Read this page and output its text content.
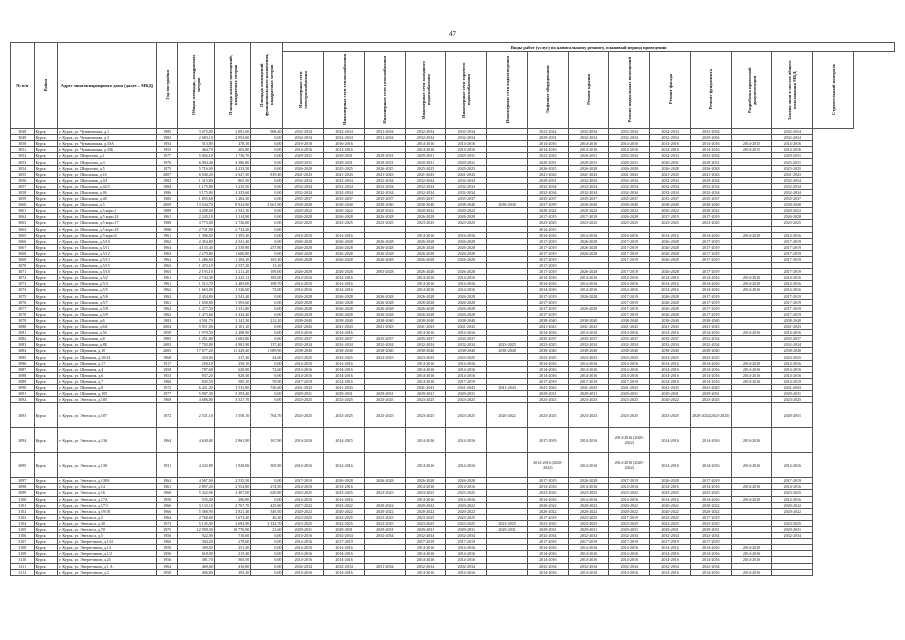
47
№ п/п	Район	Адрес многоквартирного дома (далее – МКД)	Год постройки	Общая площадь, квадратных метров	Площадь жилых помещений, квадратных метров	Площадь помещений функционального назначения, квадратных метров	Виды работ (услуг) по капитальному ремонту, плановый период проведения													
							Инженерные сети электроснабжения	Инженерные сети теплоснабжения	Инженерные сети газоснабжения	Инженерные сети холодного водоснабжения	Инженерные сети горячего водоснабжения	Инженерные сети водоотведения	Лифтовое оборудование	Ремонт крыши	Ремонт подвальных помещений	Ремонт фасада	Ремонт фундамента	Разработка проектной документации	Замена окон в местах общего пользования МКД	Строительный контроль
3048	Курск	г. Курск, ул. Чумаковская, д.1	1985	3 675,00	2 881,60	968,40	2032-2034	2032-2034	2031-2034	2032-2034	2032-2034		2022-2022	2032-2034	2032-2034	2032-2034	2032-2034		2032-2034	
3049	Курск	г. Курск, ул. Чумаковская, д.3	1982	2 683,10	2 952,60	0,00	2032-2034	2032-2034	2031-2034	2032-2034	2032-2034		2029-2031	2032-2034	2032-2034	2032-2034	2029-2034		2032-2034	
3050	Курск	г. Курск, ул. Чумаковская, д.33А	1954	513,80	478,10	0,00	2016-2018	2016-2016		2014-2016	2014-2016		2014-2016	2014-2016	2014-2016	2014-2016	2014-2016	2014-2015	2014-2016	
3051	Курск	г. Курск, ул. Чумаковская, д.35Б	1955	464,70	265,80	0,00	2014-2016	2014-2016		2014-2016	2014-2016		2014-2016	2014-2016	2014-2016	2014-2016	2014-2016	2014-2015	2014-2016	
3052	Курск	г. Курск, ул. Широгова, д.1	1977	5 002,10	1 736,70	0,00	2029-2031	2029-2031	2029-2031	2029-2031	2029-2031		2022-2023	2020-2031	2032-2034	2032-2034	2032-2034		2029-2031	
3053	Курск	г. Курск, ул. Широгова, д.3	1976	6 094,40	4 386,80	0,00	2029-2031	2029-2031	2029-2031	2020-2031	2020-2031		2020-2031	2020-2031	2020-2031	2020-2031	2020-2031		2025-2031	
3054	Курск	г. Курск, ул. Широгова, д.5	1975	5 716,00	4 233,50	0,00	2026-2028	2025-2025	2026-2025	2025-2025	2025-2025		2026-2025	2026-2028	2026-2028	2026-2028	2026-2028		2025-2025	
3055	Курск	г. Курск, ул. Школьная, д.16	2007	6 940,20	2 627,30	819,40	2041-2043	2041-2043	2041-2043	2041-2043	2041-2043		2041-2043	2041-2043	2041-2043	2041-2043	2041-2043		2041-2043	
3056	Курск	г. Курск, ул. Школьная, д.4/1	1982	1 315,80	865,50	0,00	2032-2034	2032-2034	2032-2034	2032-2034	2032-2034		2029-2031	2032-2034	2032-2034	2032-2034	2029-2034		2032-2034	
3057	Курск	г. Курск, ул. Школьная, д.44/3	1984	1 175,80	1 235,50	0,00	2032-2034	2032-2034	2032-2034	2032-2034	2032-2034		2032-2034	2032-2034	2032-2034	2032-2034	2032-2034		2032-2034	
3058	Курск	г. Курск, ул. Школьная, д.46	1986	3 175,00	2 335,60	0,00	2032-2034	2032-2034	2032-2034	2032-2034	2032-2034		2032-2034	2032-2034	2032-2034	2032-2034	2032-2034		2032-2034	
3059	Курск	г. Курск, ул. Школьная, д.48	1985	1 855,60	1 284,30	0,00	2035-2037	2035-2037	2035-2037	2035-2037	2035-2037		2035-2037	2035-2037	2035-2037	2035-2037	2035-2037		2035-2037	
3060	Курск	г. Курск, ул. Школьная, д.5	2009	13 944,70	8 924,90	2 661,90	2038-2040	2038-2040	2038-2040	2038-2040	2038-2040	2038-2040	2037-2039	2038-2040	2038-2040	2038-2040	2038-2040		2038-2040	
3061	Курск	г. Курск, ул. Школьная, д.5 корп.1	1989	4 208,00	2 541,10	0,00	2020-2022	2020-2022	2020-2022	2020-2022	2020-2022		2020-2022	2020-2022	2020-2022	2020-2022	2020-2022		2020-2022	
3062	Курск	г. Курск, ул. Школьная, д.5 корп.14	1961	2 245,10	1 114,90	0,00	2026-2028	2026-2028	2026-2028	2026-2028	2026-2028		2017-2019	2017-2019	2026-2028	2017-2019	2017-2019		2026-2028	
3063	Курск	г. Курск, ул. Школьная, д.5 корп.17	1988	3 773,00	2 736,00	0,00	2032-2025	2023-2025	2023-2025	2023-2025	2023-2025		2023-2025	2023-2025	2023-2025	2023-2025	2023-2025		2023-2025	
3064	Курск	г. Курск, ул. Школьная, д.5 корп.18	1988	2 731,90	2 712,20	0,00							2014-2015							
3065	Курск	г. Курск, ул. Школьная, д.5 корп.8	1961	1 396,50	1 395,40	0,00	2016-2016	2014-2016		2014-2016	2016-2016		2014-2016	2014-2016	2016-2016	2014-2016	2014-2016	2014-2016	2014-2016	
3066	Курск	г. Курск, ул. Школьная, д.5/10	1962	2 454,80	2 541,40	0,00	2026-2028	2026-2028	2026-2028	2026-2028	2026-2028		2017-2019	2026-2028	2017-2019	2026-2028	2017-2019		2017-2019	
3067	Курск	г. Курск, ул. Школьная, д.5/11	1964	4 133,40	2 539,80	257,80	2026-2028	2026-2028	2026-2028	2026-2028	2026-2028		2017-2019	2026-2028	2017-2019	2026-2028	2017-2019		2017-2019	
3068	Курск	г. Курск, ул. Школьная, д.5/12	1963	2 279,80	1 600,80	0,00	2026-2028	2026-2028	2026-2028	2026-2028	2026-2028		2017-2019	2026-2028	2017-2019	2026-2028	2017-2019		2017-2019	
3069	Курск	г. Курск, ул. Школьная, д.5/13	1963	1 286,60	1 284,10	163,30	2026-2028	2026-2028	2026-2028	2026-2028	2026-2028		2017-2019		2017-2019	2026-2028	2017-2019		2017-2019	
3070	Курск	г. Курск, ул. Школьная, д.5/15	1963	1 472,10	2 537,20	13,10							2017-2019							
3071	Курск	г. Курск, ул. Школьная, д.5/16	1965	2 193,10	1 211,20	189,00	2026-2028	2026-2028	2003-2028	2026-2028	2026-2028		2017-2019	2026-2028	2017-2019	2026-2028	2017-2019		2017-2019	
3072	Курск	г. Курск, ул. Школьная, д.5/2	1961	2 744,30	2 225,12	185,00	2014-2016	2014-2016		2014-2016	2014-2016		2014-2016	2014-2016	2014-2016	2014-2016	2014-2016	2014-2016	2014-2016	
3073	Курск	г. Курск, ул. Школьная, д.5/3	1961	1 312,70	2 405,00	108,70	2014-2016	2014-2016		2014-2016	2014-2016		2014-2016	2014-2016	2014-2016	2014-2016	2014-2016	2014-2016	2014-2016	
3074	Курск	г. Курск, ул. Школьная, д.5/5	1962	1 663,00	1 526,60	73,00	2014-2016	2014-2016		2014-2016	2014-2016		2014-2016	2014-2016	2014-2016	2014-2016	2014-2016	2014-2016	2014-2016	
3075	Курск	г. Курск, ул. Школьная, д.5/6	1962	2 454,80	2 541,40	0,00	2026-2028	2026-2028	2026-2028	2026-2028	2026-2028		2017-2019	2026-2028	2017-2019	2026-2028	2017-2019		2017-2019	
3076	Курск	г. Курск, ул. Школьная, д.5/7	1961	1 658,80	1 593,60	0,00	2026-2028	2026-2028	2026-2028	2026-2028	2026-2028		2017-2019		2017-2019	2026-2028	2017-2019		2017-2019	
3077	Курск	г. Курск, ул. Школьная, д.5/8	1962	1 477,50	1 531,80	0,00	2026-2028	2026-2028	2026-2028	2026-2028	2026-2028		2017-2019	2026-2028	2017-2019	2026-2028	2017-2019		2017-2019	
3078	Курск	г. Курск, ул. Школьная, д.5/9	1962	1 473,60	2 424,40	0,00	2026-2028	2026-2028	2026-2028	2026-2028	2026-2028		2017-2019		2017-2019	2026-2028	2017-2019		2017-2019	
3079	Курск	г. Курск, ул. Школьная, д.6	1983	4 501,70	3 141,30	212,10	2038-2040	2038-2040	2038-2040	2038-2040	2038-2040		2038-2040	2038-2040	2038-2040	2038-2040	2038-2040		2038-2040	
3080	Курск	г. Курск, ул. Школьная, д.6А	2004	5 911,00	4 101,10	0,00	2041-2043	2041-2043	2041-2043	2041-2043	2041-2043		2041-2043	2041-2043	2041-2043	2041-2043	2041-2043		2041-2043	
3081	Курск	г. Курск, ул. Школьная, д.5б	1959	1 979,50	2 288,90	0,00	2014-2016	2014-2016		2014-2016	2014-2016		2014-2016	2014-2016	2014-2016	2014-2016	2014-2016	2014-2016	2014-2016	
3082	Курск	г. Курск, ул. Школьная, д.8	1985	1 351,80	2 683,80	0,00	2035-2037	2035-2037	2035-2037	2035-2037	2035-2037		2035-2037	2035-2037	2035-2037	2035-2037	2032-2034		2035-2037	
3083	Курск	г. Курск, ул. Школьная, д.8Б	2003	7 702,80	4 981,90	137,40	2032-2034	2032-2034	2032-2034	2032-2034	2032-2034	2023-2025	2023-2025	2032-2034	2032-2034	2032-2034	2032-2034		2032-2034	
3084	Курск	г. Курск, ул. Щепкина, д.10	2005	17 677,20	11 429,40	1 089,90	2038-2040	2038-2040	2038-2040	2038-2040	2038-2040	2038-2040	2038-2040	2038-2040	2038-2040	2038-2040	2038-2040		2038-2040	
3085	Курск	г. Курск, ул. Щепкина, д.10/24	1968	434,00	237,40	44,00	2023-2025	2023-2025	2023-2025	2023-2025	2023-2025		2023-2025	2023-2025	2023-2025	2023-2025	2023-2025		2023-2025	
3086	Курск	г. Курск, ул. Щепкина, д.17	1917	256,10	256,10	0,00	2014-2016	2014-2016		2014-2016	2014-2016		2014-2016	2014-2016	2014-2016	2014-2016	2014-2016	2014-2016	2014-2016	
3087	Курск	г. Курск, ул. Щепкина, д.4	1950	787,60	620,90	72,60	2014-2016	2014-2016		2014-2016	2014-2016		2014-2016	2014-2016	2014-2016	2014-2016	2014-2016	2014-2016	2014-2016	
3088	Курск	г. Курск, ул. Щепкина, д.6	1953	937,20	820,30	0,00	2014-2016	2014-2016		2014-2016	2014-2016		2014-2016	2014-2016	2014-2016	2014-2016	2014-2016	2014-2016	2014-2016	
3089	Курск	г. Курск, ул. Щепкина, д.7	1960	845,50	585,10	59,90	2017-2019	2014-2016		2014-2016	2017-2019		2017-2019	2017-2019	2017-2019	2014-2016	2014-2016	2014-2016	2014-2019	
3090	Курск	г. Курск, ул. Щепкина, д.8	1972	6 421,20	3 533,80	726,60	2041-2043	2041-2043		2041-2043	2041-2043	2041-2043	2041-2043	2041-2043	2041-2043	2041-2043	2041-2043		2041-2043	
3091	Курск	г. Курск, ул. Щепкина, д.105	1977	5 907,30	5 393,40	0,00	2029-2031	2029-2031	2029-2031	2029-2031	2029-2031		2029-2031	2029-2031	2029-2031	2029-2031	2029-2031		2029-2031	
3092	Курск	г. Курск, ул. Энгельса, д.105	1969	4 686,80	3 527,70	0,00	2023-2025	2023-2025	2023-2025	2023-2025	2023-2025		2023-2025	2023-2025	2023-2025	2020-2022	2023-2025		2023-2025	
3093	Курск	г. Курск, ул. Энгельса, д.107	1972	2 531,10	1 558,10	764,70	2023-2025	2023-2025	2023-2025	2023-2025	2023-2025	2020-2022	2023-2025	2023-2025	2023-2025	2023-2025	2020-2022(2023-2025)		2020-2031	
3094	Курск	г. Курск, ул. Энгельса, д.136	1964	4 649,80	2 861,90	167,90	2014-2016	2014-2015		2014-2016	2014-2016		2017-2019	2014-2016	2014-2016 (2020-2022)	2014-2016	2014-2016	2014-2016		
3095	Курск	г. Курск, ул. Энгельса, д.138	1931	4 343,89	1 928,06	305,90	2014-2016	2014-2016		2014-2016	2014-2016		2014-2016 (2020-2022)	2014-2016	2014-2016 (2020-2022)	2014-2016	2014-2016	2014-2016	2014-2016	
3097	Курск	г. Курск, ул. Энгельса, д.138А	1964	4 567,00	2 535,50	0,00	2017-2019	2026-2028	2026-2028	2026-2028	2026-2028		2017-2019	2026-2028	2017-2019	2026-2028	2017-2019		2017-2019	
3098	Курск	г. Курск, ул. Энгельса, д.14	1961	2 897,20	2 554,80	274,50	2014-2016	2014-2016		2014-2016	2014-2016		2014-2016	2014-2016	2014-2016	2014-2016	2014-2016	2014-2016	2014-2016	
3099	Курск	г. Курск, ул. Энгельса, д.16	1968	5 322,90	3 497,00	620,80	2023-2025	2023-2025	2023-2025	2023-2025	2023-2025		2023-2025	2023-2025	2023-2025	2023-2025	2023-2025		2023-2025	
3100	Курск	г. Курск, ул. Энгельса, д.17А	1958	535,40	286,80	0,00	2014-2016	2014-2016		2014-2016	2014-2016		2014-2016	2014-2016	2014-2016	2014-2016	2014-2016	2014-2016	2014-2016	
3101	Курск	г. Курск, ул. Энгельса, д.17/1	1966	3 133,10	2 767,70	425,80	2017-2022	2023-2022	2020-2022	2020-2022	2020-2022		2020-2022	2020-2022	2020-2022	2020-2022	2020-2022		2020-2022	
3102	Курск	г. Курск, ул. Энгельса, д.19/18	1966	5 368,90	2 821,40	549,50	2020-2022	2020-2022	2020-2022	2020-2022	2020-2022		2020-2022	2020-2022	2020-2022	2020-2022	2020-2022		2020-2022	
3103	Курск	г. Курск, ул. Энгельса, д.2	1964	2 768,60	1 672,40	46,30	2023-2025	2023-2025	2023-2025	2023-2025	2023-2025		2017-2019	2023-2025	2017-2019	2023-2025	2017-2019			
3104	Курск	г. Курск, ул. Энгельса, д.30	1973	5 145,30	3 692,90	2 332,70	2023-2025	2023-2025	2023-2025	2023-2025	2023-2025	2023-2025	2023-2025	2023-2025	2023-2025	2023-2025	2023-2025		2023-2025	
3105	Курск	г. Курск, ул. Энгельса, д.70	1975	12 958,30	10 776,90	21,60	2029-2031	2029-2031	2029-2031	2029-2031	2029-2031	2029-2031	2029-2031	2029-2031	2029-2031	2029-2031	2029-2031		2029-2031	
3106	Курск	г. Курск, ул. Энгельса, д.5	1956	922,00	710,60	0,00	2014-2016	2032-2034	2032-2034	2032-2034	2032-2034		2032-2034	2032-2034	2032-2034	2032-2034	2032-2034		2032-2034	
3107	Курск	г. Курск, ул. Энергетиков, д.134	1960	304,20	278,60	0,00	2014-2016	2017-2019		2017-2019	2017-2019		2017-2019	2017-2019	2017-2019	2017-2019	2017-2019			
3108	Курск	г. Курск, ул. Энергетиков, д.14	1958	369,50	251,40	0,00	2014-2016	2014-2016		2014-2016	2014-2016		2014-2016	2014-2016	2014-2016	2014-2016	2014-2016	2014-2016		
3109	Курск	г. Курск, ул. Энергетиков, д.1/2	1956	618,00	215,40	0,00	2014-2016	2014-2016		2014-2016	2014-2016		2014-2016	2014-2016	2014-2016	2014-2016	2014-2016	2014-2016		
3110	Курск	г. Курск, ул. Энергетиков, д.25	1956	381,70	305,50	0,00	2014-2016	2014-2016		2014-2016	2014-2016		2014-2016	2014-2016	2014-2016	2014-2016	2014-2016	2014-2016		
3111	Курск	г. Курск, ул. Энергетиков, д.1 А	1964	469,00	416,80	0,00	2032-2034	2032-2034	2031-2034	2032-2034	2032-2034		2032-2034	2032-2034	2032-2034	2032-2034	2032-2034			
3112	Курск	г. Курск, ул. Энергетиков, д.2	1958	406,80	395,40	0,00	2014-2016	2014-2016		2014-2016	2014-2016		2014-2016	2014-2016	2014-2016	2014-2016	2014-2016	2014-2016		
